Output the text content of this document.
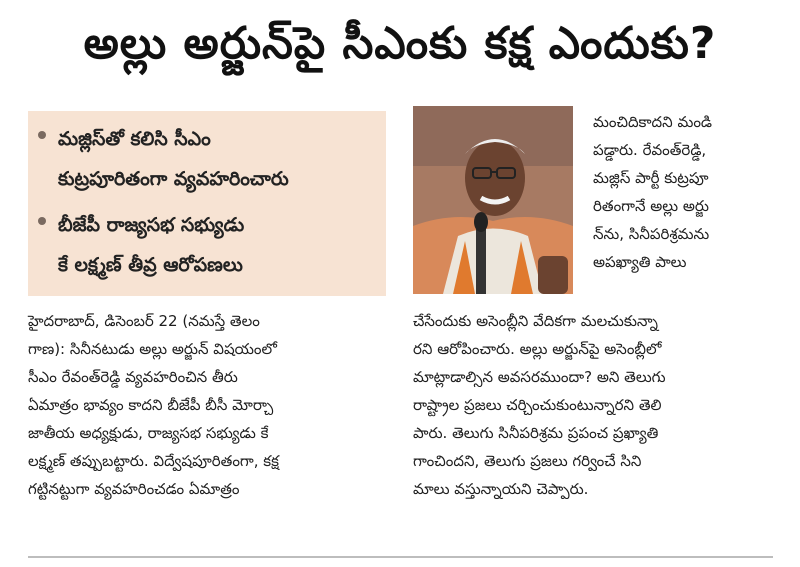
అల్లు అర్జున్‌పై సీఎంకు కక్ష ఎందుకు?
మజ్లిస్‌తో కలిసి సీఎం
కుట్రపూరితంగా వ్యవహరించారు
బీజేపీ రాజ్యసభ సభ్యుడు
కే లక్ష్మణ్ తీవ్ర ఆరోపణలు
మంచిదికాదని మండి
పడ్డారు. రేవంత్‌రెడ్డి,
మజ్లిస్ పార్టీ కుట్రపూ
రితంగానే అల్లు అర్జు
న్‌ను, సినీపరిశ్రమను
అపఖ్యాతి పాలు
హైదరాబాద్, డిసెంబర్ 22 (నమస్తే తెలం
గాణ): సినీనటుడు అల్లు అర్జున్ విషయంలో
సీఎం రేవంత్‌రెడ్డి వ్యవహరించిన తీరు
ఏమాత్రం భావ్యం కాదని బీజేపీ బీసీ మోర్చా
జాతీయ అధ్యక్షుడు, రాజ్యసభ సభ్యుడు కే
లక్ష్మణ్ తప్పుబట్టారు. విద్వేషపూరితంగా, కక్ష
గట్టినట్టుగా వ్యవహరించడం ఏమాత్రం
చేసేందుకు అసెంబ్లీని వేదికగా మలచుకున్నా
రని ఆరోపించారు. అల్లు అర్జున్‌పై అసెంబ్లీలో
మాట్లాడాల్సిన అవసరముందా? అని తెలుగు
రాష్ట్రాల ప్రజలు చర్చించుకుంటున్నారని తెలి
పారు. తెలుగు సినీపరిశ్రమ ప్రపంచ ప్రఖ్యాతి
గాంచిందని, తెలుగు ప్రజలు గర్వించే సిని
మాలు వస్తున్నాయని చెప్పారు.
